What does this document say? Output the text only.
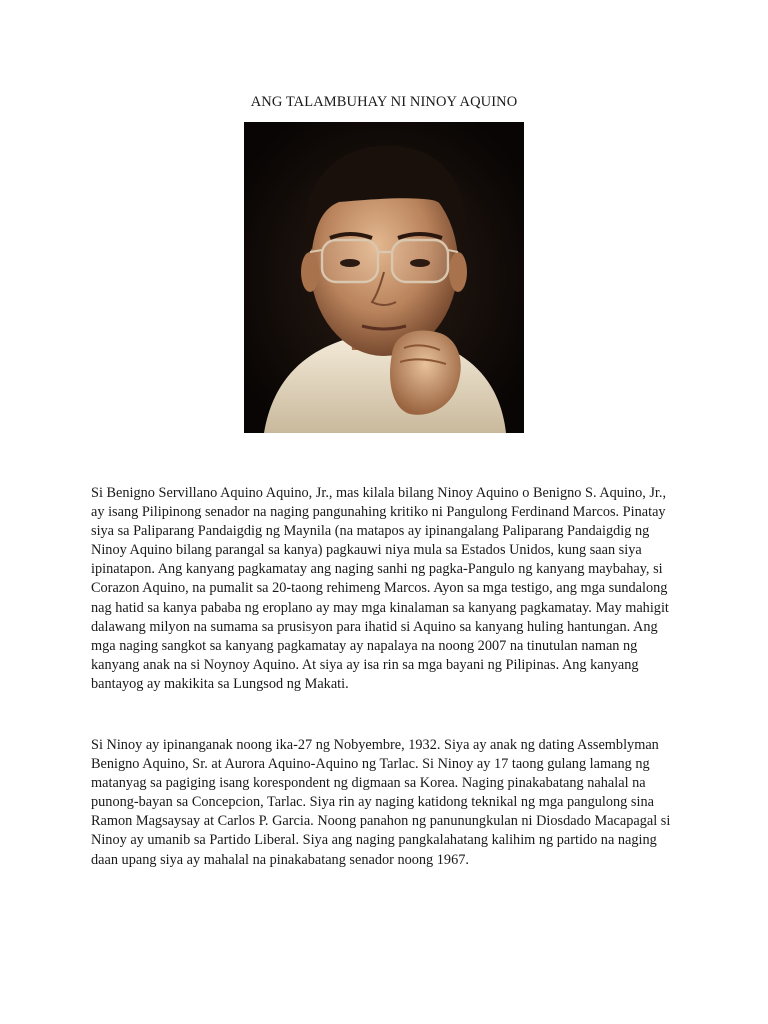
ANG TALAMBUHAY NI NINOY AQUINO

Si Benigno Servillano Aquino Aquino, Jr., mas kilala bilang Ninoy Aquino o Benigno S. Aquino, Jr., ay isang Pilipinong senador na naging pangunahing kritiko ni Pangulong Ferdinand Marcos. Pinatay siya sa Paliparang Pandaigdig ng Maynila (na matapos ay ipinangalang Paliparang Pandaigdig ng Ninoy Aquino bilang parangal sa kanya) pagkauwi niya mula sa Estados Unidos, kung saan siya ipinatapon. Ang kanyang pagkamatay ang naging sanhi ng pagka-Pangulo ng kanyang maybahay, si Corazon Aquino, na pumalit sa 20-taong rehimeng Marcos. Ayon sa mga testigo, ang mga sundalong nag hatid sa kanya pababa ng eroplano ay may mga kinalaman sa kanyang pagkamatay. May mahigit dalawang milyon na sumama sa prusisyon para ihatid si Aquino sa kanyang huling hantungan. Ang mga naging sangkot sa kanyang pagkamatay ay napalaya na noong 2007 na tinutulan naman ng kanyang anak na si Noynoy Aquino. At siya ay isa rin sa mga bayani ng Pilipinas. Ang kanyang bantayog ay makikita sa Lungsod ng Makati.

Si Ninoy ay ipinanganak noong ika-27 ng Nobyembre, 1932. Siya ay anak ng dating Assemblyman Benigno Aquino, Sr. at Aurora Aquino-Aquino ng Tarlac. Si Ninoy ay 17 taong gulang lamang ng matanyag sa pagiging isang korespondent ng digmaan sa Korea. Naging pinakabatang nahalal na punong-bayan sa Concepcion, Tarlac. Siya rin ay naging katidong teknikal ng mga pangulong sina Ramon Magsaysay at Carlos P. Garcia. Noong panahon ng panunungkulan ni Diosdado Macapagal si Ninoy ay umanib sa Partido Liberal. Siya ang naging pangkalahatang kalihim ng partido na naging daan upang siya ay mahalal na pinakabatang senador noong 1967.
